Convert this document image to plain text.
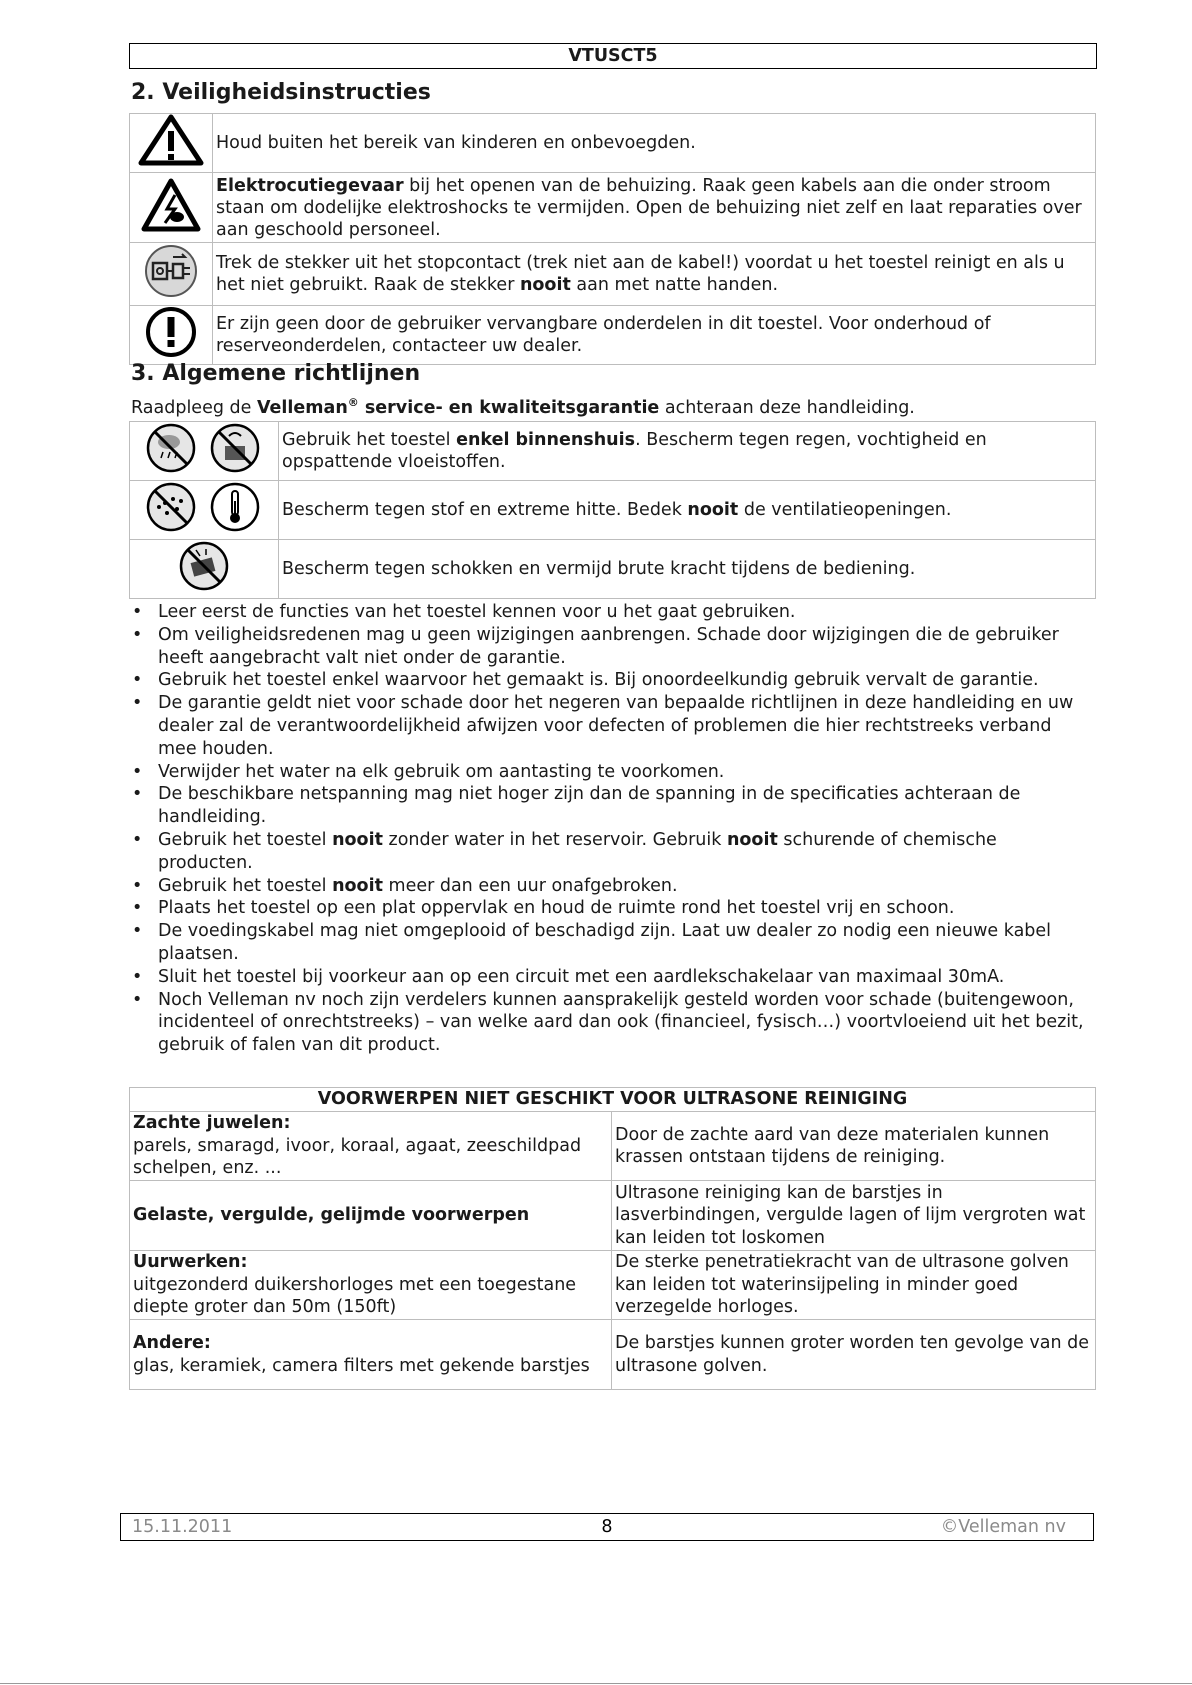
VTUSCT5
2. Veiligheidsinstructies
	Houd buiten het bereik van kinderen en onbevoegden.
	Elektrocutiegevaar bij het openen van de behuizing. Raak geen kabels aan die onder stroom staan om dodelijke elektroshocks te vermijden. Open de behuizing niet zelf en laat reparaties over aan geschoold personeel.
	Trek de stekker uit het stopcontact (trek niet aan de kabel!) voordat u het toestel reinigt en als u het niet gebruikt. Raak de stekker nooit aan met natte handen.
	Er zijn geen door de gebruiker vervangbare onderdelen in dit toestel. Voor onderhoud of reserveonderdelen, contacteer uw dealer.
3. Algemene richtlijnen

Raadpleeg de Velleman® service- en kwaliteitsgarantie achteraan deze handleiding.

	Gebruik het toestel enkel binnenshuis. Bescherm tegen regen, vochtigheid en opspattende vloeistoffen.
	Bescherm tegen stof en extreme hitte. Bedek nooit de ventilatieopeningen.
	Bescherm tegen schokken en vermijd brute kracht tijdens de bediening.
• Leer eerst de functies van het toestel kennen voor u het gaat gebruiken.
• Om veiligheidsredenen mag u geen wijzigingen aanbrengen. Schade door wijzigingen die de gebruiker heeft aangebracht valt niet onder de garantie.
• Gebruik het toestel enkel waarvoor het gemaakt is. Bij onoordeelkundig gebruik vervalt de garantie.
• De garantie geldt niet voor schade door het negeren van bepaalde richtlijnen in deze handleiding en uw dealer zal de verantwoordelijkheid afwijzen voor defecten of problemen die hier rechtstreeks verband mee houden.
• Verwijder het water na elk gebruik om aantasting te voorkomen.
• De beschikbare netspanning mag niet hoger zijn dan de spanning in de specificaties achteraan de handleiding.
• Gebruik het toestel nooit zonder water in het reservoir. Gebruik nooit schurende of chemische producten.
• Gebruik het toestel nooit meer dan een uur onafgebroken.
• Plaats het toestel op een plat oppervlak en houd de ruimte rond het toestel vrij en schoon.
• De voedingskabel mag niet omgeplooid of beschadigd zijn. Laat uw dealer zo nodig een nieuwe kabel plaatsen.
• Sluit het toestel bij voorkeur aan op een circuit met een aardlekschakelaar van maximaal 30mA.
• Noch Velleman nv noch zijn verdelers kunnen aansprakelijk gesteld worden voor schade (buitengewoon, incidenteel of onrechtstreeks) – van welke aard dan ook (financieel, fysisch…) voortvloeiend uit het bezit, gebruik of falen van dit product.
VOORWERPEN NIET GESCHIKT VOOR ULTRASONE REINIGING	
Zachte juwelen:
parels, smaragd, ivoor, koraal, agaat, zeeschildpad schelpen, enz. ...	Door de zachte aard van deze materialen kunnen krassen ontstaan tijdens de reiniging.
Gelaste, vergulde, gelijmde voorwerpen	Ultrasone reiniging kan de barstjes in lasverbindingen, vergulde lagen of lijm vergroten wat kan leiden tot loskomen
Uurwerken:
uitgezonderd duikershorloges met een toegestane diepte groter dan 50m (150ft)	De sterke penetratiekracht van de ultrasone golven kan leiden tot waterinsijpeling in minder goed verzegelde horloges.
Andere:
glas, keramiek, camera filters met gekende barstjes	De barstjes kunnen groter worden ten gevolge van de ultrasone golven.
15.11.2011	8	©Velleman nv
